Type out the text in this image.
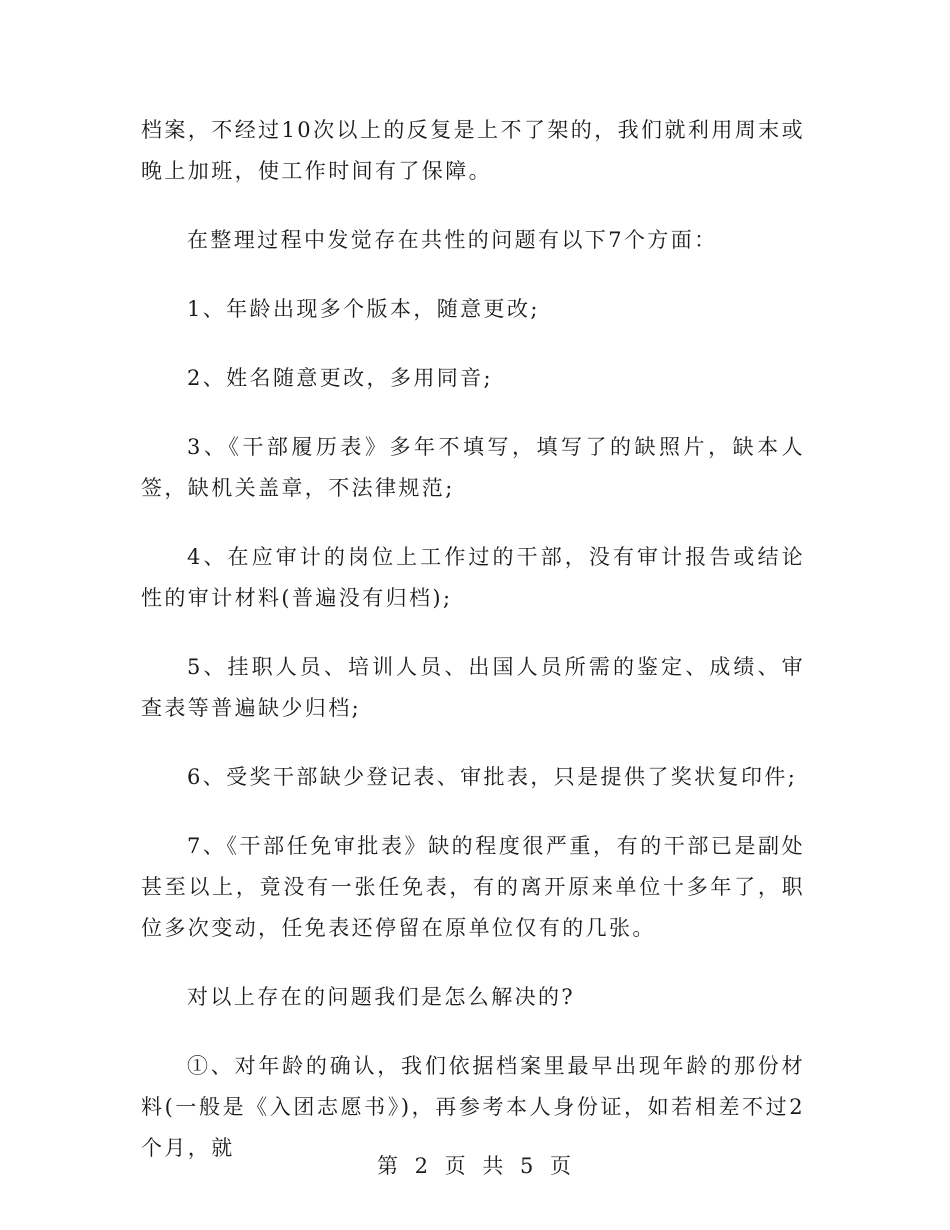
档案，不经过10次以上的反复是上不了架的，我们就利用周末或晚上加班，使工作时间有了保障。

在整理过程中发觉存在共性的问题有以下7个方面：

1、年龄出现多个版本，随意更改;

2、姓名随意更改，多用同音;

3、《干部履历表》多年不填写，填写了的缺照片，缺本人签，缺机关盖章，不法律规范;

4、在应审计的岗位上工作过的干部，没有审计报告或结论性的审计材料(普遍没有归档);

5、挂职人员、培训人员、出国人员所需的鉴定、成绩、审查表等普遍缺少归档;

6、受奖干部缺少登记表、审批表，只是提供了奖状复印件;

7、《干部任免审批表》缺的程度很严重，有的干部已是副处甚至以上，竟没有一张任免表，有的离开原来单位十多年了，职位多次变动，任免表还停留在原单位仅有的几张。

对以上存在的问题我们是怎么解决的?

①、对年龄的确认，我们依据档案里最早出现年龄的那份材料(一般是《入团志愿书》)，再参考本人身份证，如若相差不过2个月，就

第 2 页 共 5 页
